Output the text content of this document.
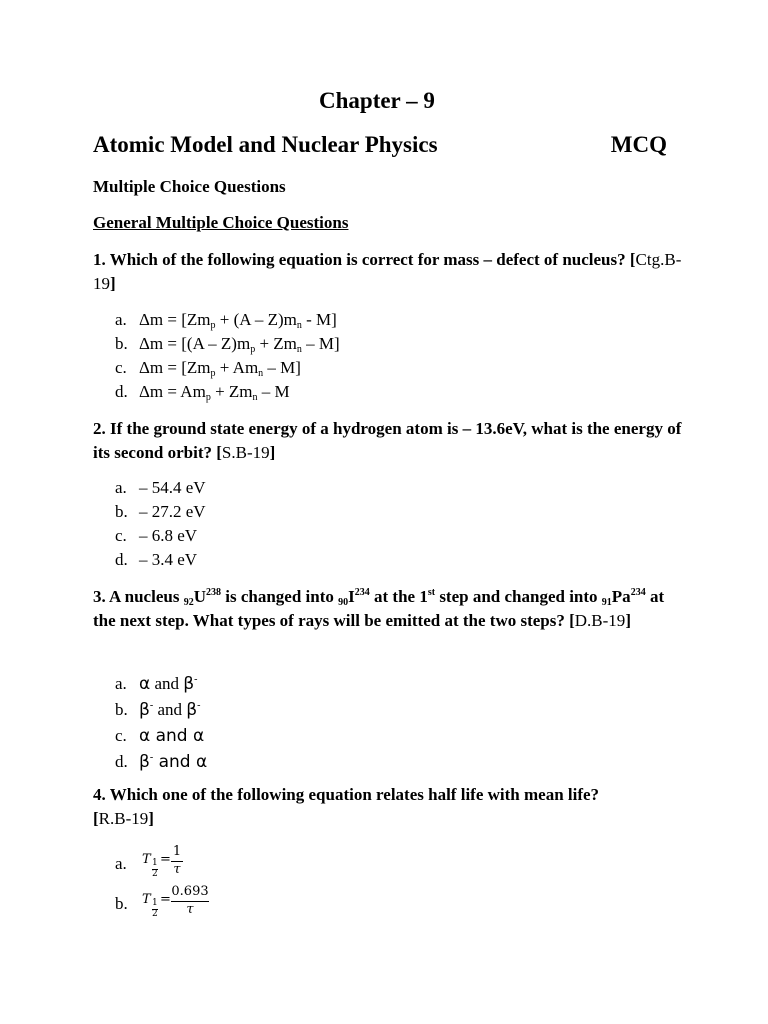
Chapter – 9
Atomic Model and Nuclear Physics	MCQ
Multiple Choice Questions
General Multiple Choice Questions
1. Which of the following equation is correct for mass – defect of nucleus? [Ctg.B-19]
a. $\Delta m = [Zm_p + (A - Z)m_n - M]$
b. $\Delta m = [(A - Z)m_p + Zm_n - M]$
c. $\Delta m = [Zm_p + Am_n - M]$
d. $\Delta m = Am_p + Zm_n - M$
2. If the ground state energy of a hydrogen atom is – 13.6eV, what is the energy of its second orbit? [S.B-19]
a. – 54.4 eV
b. – 27.2 eV
c. – 6.8 eV
d. – 3.4 eV
3. A nucleus $_{92}U^{238}$ is changed into $_{90}I^{234}$ at the 1st step and changed into $_{91}Pa^{234}$ at the next step. What types of rays will be emitted at the two steps? [D.B-19]
a. α and β-
b. β- and β-
c. α and α
d. β- and α
4. Which one of the following equation relates half life with mean life?
[R.B-19]
a. T 1
2
=
1
τ
b. T 1
2
=
0.693
τ
